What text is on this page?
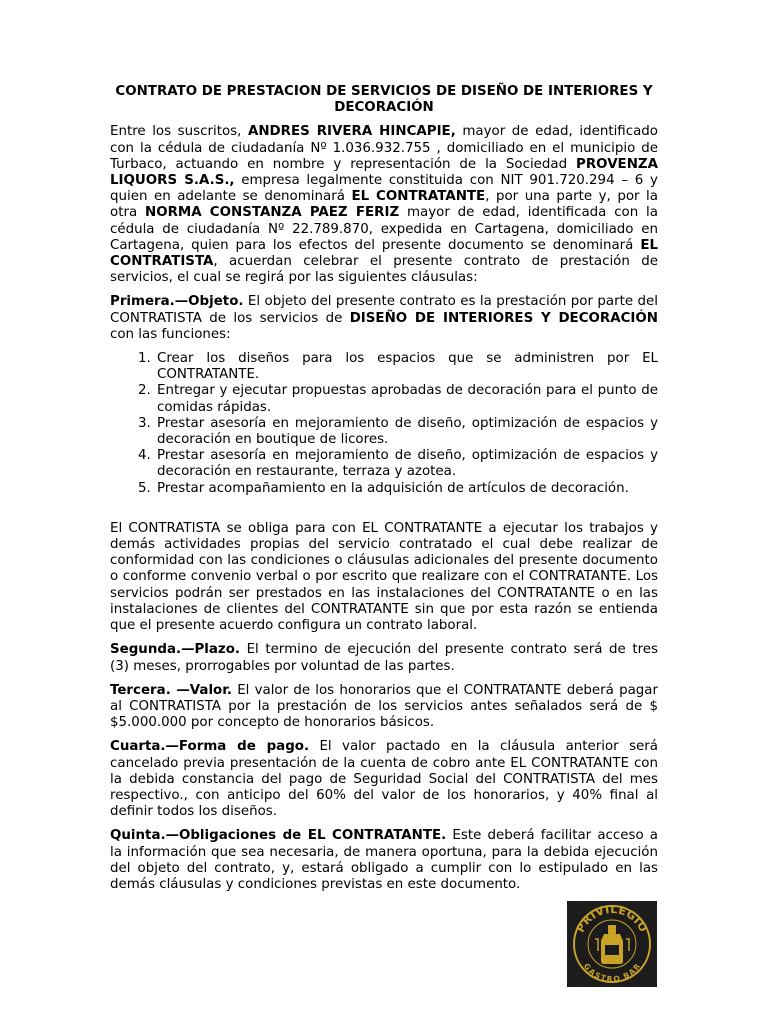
CONTRATO DE PRESTACION DE SERVICIOS DE DISEÑO DE INTERIORES Y DECORACIÓN

Entre los suscritos, ANDRES RIVERA HINCAPIE, mayor de edad, identificado con la cédula de ciudadanía Nº 1.036.932.755 , domiciliado en el municipio de Turbaco, actuando en nombre y representación de la Sociedad PROVENZA LIQUORS S.A.S., empresa legalmente constituida con NIT 901.720.294 – 6 y quien en adelante se denominará EL CONTRATANTE, por una parte y, por la otra NORMA CONSTANZA PAEZ FERIZ mayor de edad, identificada con la cédula de ciudadanía Nº 22.789.870, expedida en Cartagena, domiciliado en Cartagena, quien para los efectos del presente documento se denominará EL CONTRATISTA, acuerdan celebrar el presente contrato de prestación de servicios, el cual se regirá por las siguientes cláusulas:

Primera.—Objeto. El objeto del presente contrato es la prestación por parte del CONTRATISTA de los servicios de DISEÑO DE INTERIORES Y DECORACIÓN con las funciones:

1. Crear los diseños para los espacios que se administren por EL CONTRATANTE.
2. Entregar y ejecutar propuestas aprobadas de decoración para el punto de comidas rápidas.
3. Prestar asesoría en mejoramiento de diseño, optimización de espacios y decoración en boutique de licores.
4. Prestar asesoría en mejoramiento de diseño, optimización de espacios y decoración en restaurante, terraza y azotea.
5. Prestar acompañamiento en la adquisición de artículos de decoración.

El CONTRATISTA se obliga para con EL CONTRATANTE a ejecutar los trabajos y demás actividades propias del servicio contratado el cual debe realizar de conformidad con las condiciones o cláusulas adicionales del presente documento o conforme convenio verbal o por escrito que realizare con el CONTRATANTE. Los servicios podrán ser prestados en las instalaciones del CONTRATANTE o en las instalaciones de clientes del CONTRATANTE sin que por esta razón se entienda que el presente acuerdo configura un contrato laboral.

Segunda.—Plazo. El termino de ejecución del presente contrato será de tres (3) meses, prorrogables por voluntad de las partes.

Tercera. —Valor. El valor de los honorarios que el CONTRATANTE deberá pagar al CONTRATISTA por la prestación de los servicios antes señalados será de $ $5.000.000 por concepto de honorarios básicos.

Cuarta.—Forma de pago. El valor pactado en la cláusula anterior será cancelado previa presentación de la cuenta de cobro ante EL CONTRATANTE con la debida constancia del pago de Seguridad Social del CONTRATISTA del mes respectivo., con anticipo del 60% del valor de los honorarios, y 40% final al definir todos los diseños.

Quinta.—Obligaciones de EL CONTRATANTE. Este deberá facilitar acceso a la información que sea necesaria, de manera oportuna, para la debida ejecución del objeto del contrato, y, estará obligado a cumplir con lo estipulado en las demás cláusulas y condiciones previstas en este documento.

PRIVILEGIO
GASTRO BAR
